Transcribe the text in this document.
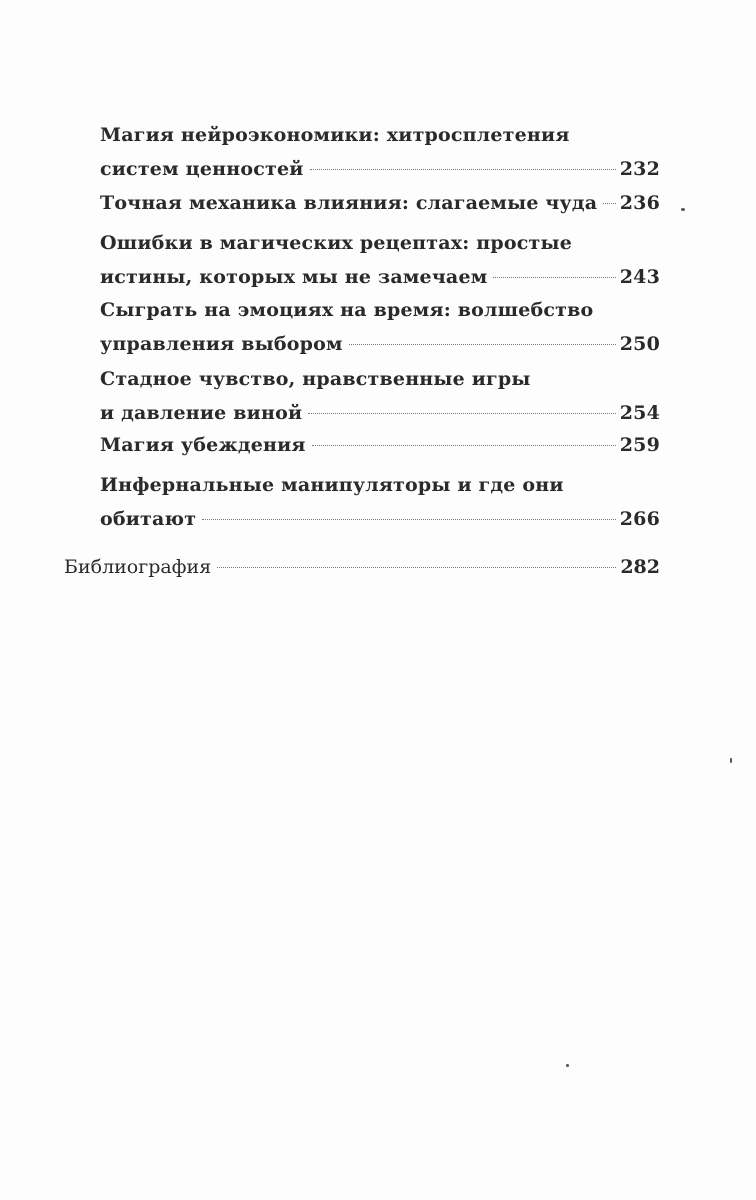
Магия нейроэкономики: хитросплетения
систем ценностей	232
Точная механика влияния: слагаемые чуда 236
Ошибки в магических рецептах: простые
истины, которых мы не замечаем	243
Сыграть на эмоциях на время: волшебство
управления выбором	250
Стадное чувство, нравственные игры
и давление виной	254
Магия убеждения	259
Инфернальные манипуляторы и где они
обитают	266
Библиография	282
